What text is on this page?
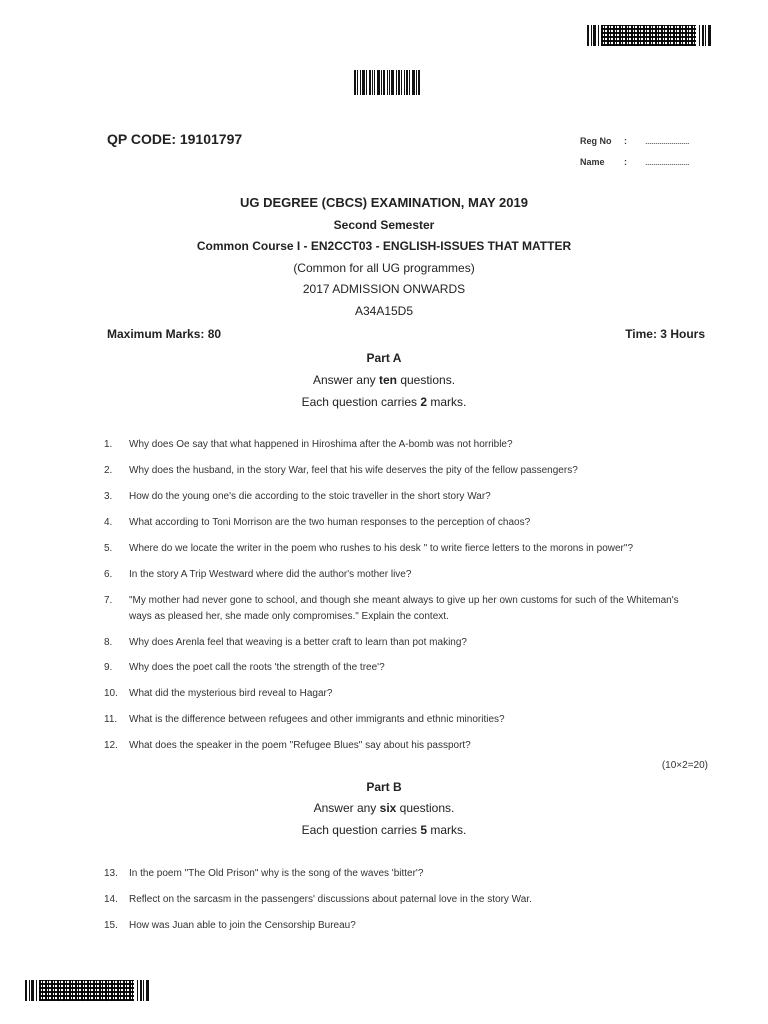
QP CODE: 19101797	Reg No : ......................
Name : ......................
UG DEGREE (CBCS) EXAMINATION, MAY 2019
Second Semester
Common Course I - EN2CCT03 - ENGLISH-ISSUES THAT MATTER
(Common for all UG programmes)
2017 ADMISSION ONWARDS
A34A15D5
Maximum Marks: 80	Time: 3 Hours
Part A
Answer any ten questions.
Each question carries 2 marks.
1.	Why does Oe say that what happened in Hiroshima after the A-bomb was not horrible?
2.	Why does the husband, in the story War, feel that his wife deserves the pity of the fellow passengers?
3.	How do the young one's die according to the stoic traveller in the short story War?
4.	What according to Toni Morrison are the two human responses to the perception of chaos?
5.	Where do we locate the writer in the poem who rushes to his desk " to write fierce letters to the morons in power"?
6.	In the story A Trip Westward where did the author's mother live?
7.	"My mother had never gone to school, and though she meant always to give up her own customs for such of the Whiteman's ways as pleased her, she made only compromises." Explain the context.
8.	Why does Arenla feel that weaving is a better craft to learn than pot making?
9.	Why does the poet call the roots 'the strength of the tree'?
10.	What did the mysterious bird reveal to Hagar?
11.	What is the difference between refugees and other immigrants and ethnic minorities?
12.	What does the speaker in the poem "Refugee Blues" say about his passport?
(10×2=20)
Part B
Answer any six questions.
Each question carries 5 marks.
13.	In the poem "The Old Prison" why is the song of the waves 'bitter'?
14.	Reflect on the sarcasm in the passengers' discussions about paternal love in the story War.
15.	How was Juan able to join the Censorship Bureau?
